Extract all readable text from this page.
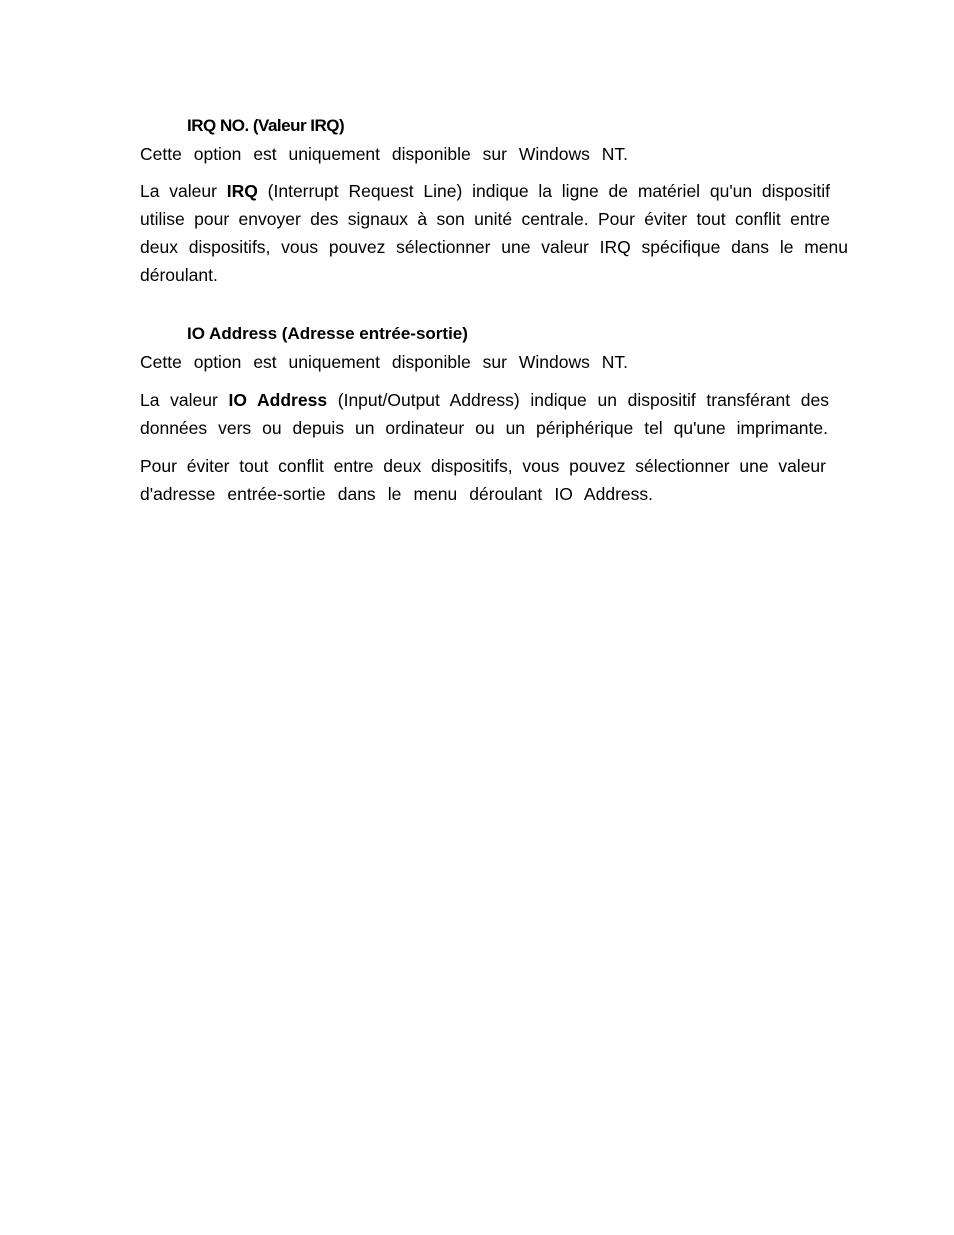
IRQ NO. (Valeur IRQ)
Cette option est uniquement disponible sur Windows NT.
La valeur IRQ (Interrupt Request Line) indique la ligne de matériel qu'un dispositif
utilise pour envoyer des signaux à son unité centrale. Pour éviter tout conflit entre
deux dispositifs, vous pouvez sélectionner une valeur IRQ spécifique dans le menu
déroulant.
IO Address (Adresse entrée-sortie)
Cette option est uniquement disponible sur Windows NT.
La valeur IO Address (Input/Output Address) indique un dispositif transférant des
données vers ou depuis un ordinateur ou un périphérique tel qu'une imprimante.
Pour éviter tout conflit entre deux dispositifs, vous pouvez sélectionner une valeur
d'adresse entrée-sortie dans le menu déroulant IO Address.
